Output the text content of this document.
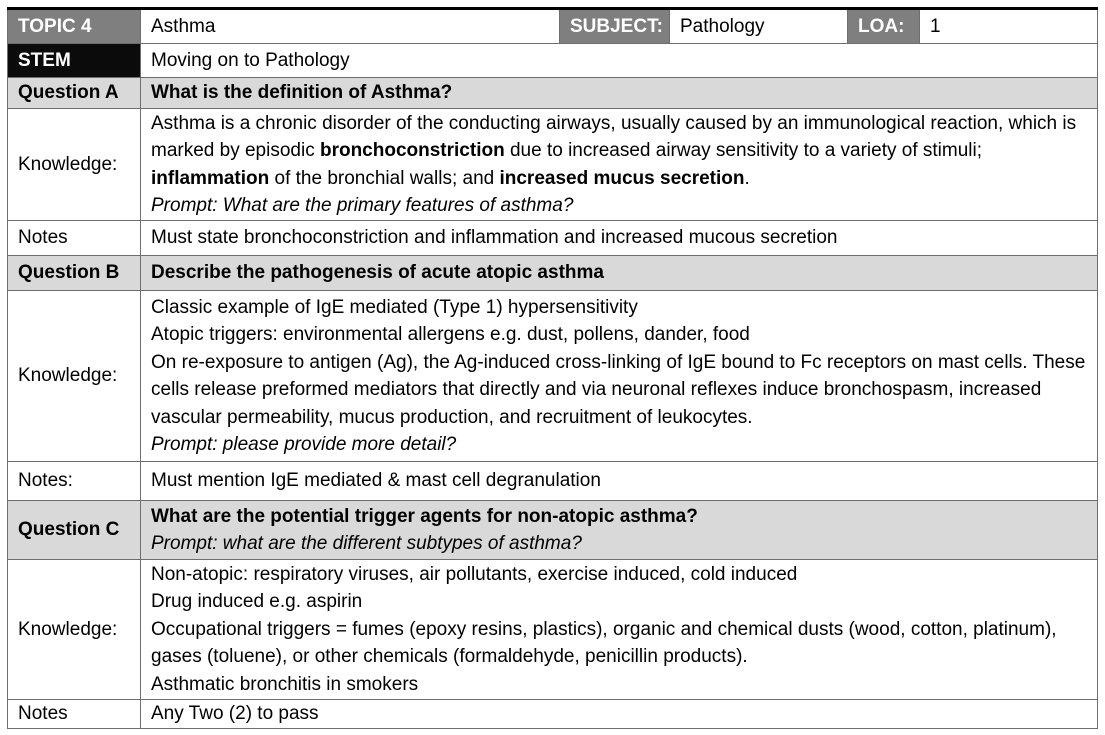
TOPIC 4	Asthma	SUBJECT:	Pathology	LOA:	1
STEM	Moving on to Pathology				
Question A	What is the definition of Asthma?				
Knowledge:	Asthma is a chronic disorder of the conducting airways, usually caused by an immunological reaction, which is marked by episodic bronchoconstriction due to increased airway sensitivity to a variety of stimuli; inflammation of the bronchial walls; and increased mucus secretion.
Prompt: What are the primary features of asthma?				

Notes	Must state bronchoconstriction and inflammation and increased mucous secretion				
Question B	Describe the pathogenesis of acute atopic asthma				
Knowledge:	Classic example of IgE mediated (Type 1) hypersensitivity
Atopic triggers: environmental allergens e.g. dust, pollens, dander, food
On re-exposure to antigen (Ag), the Ag-induced cross-linking of IgE bound to Fc receptors on mast cells. These cells release preformed mediators that directly and via neuronal reflexes induce bronchospasm, increased vascular permeability, mucus production, and recruitment of leukocytes.
Prompt: please provide more detail?				

Notes:	Must mention IgE mediated & mast cell degranulation				
Question C	What are the potential trigger agents for non-atopic asthma?
Prompt: what are the different subtypes of asthma?				

Knowledge:	Non-atopic: respiratory viruses, air pollutants, exercise induced, cold induced
Drug induced e.g. aspirin
Occupational triggers = fumes (epoxy resins, plastics), organic and chemical dusts (wood, cotton, platinum), gases (toluene), or other chemicals (formaldehyde, penicillin products).
Asthmatic bronchitis in smokers				

Notes	Any Two (2) to pass				
